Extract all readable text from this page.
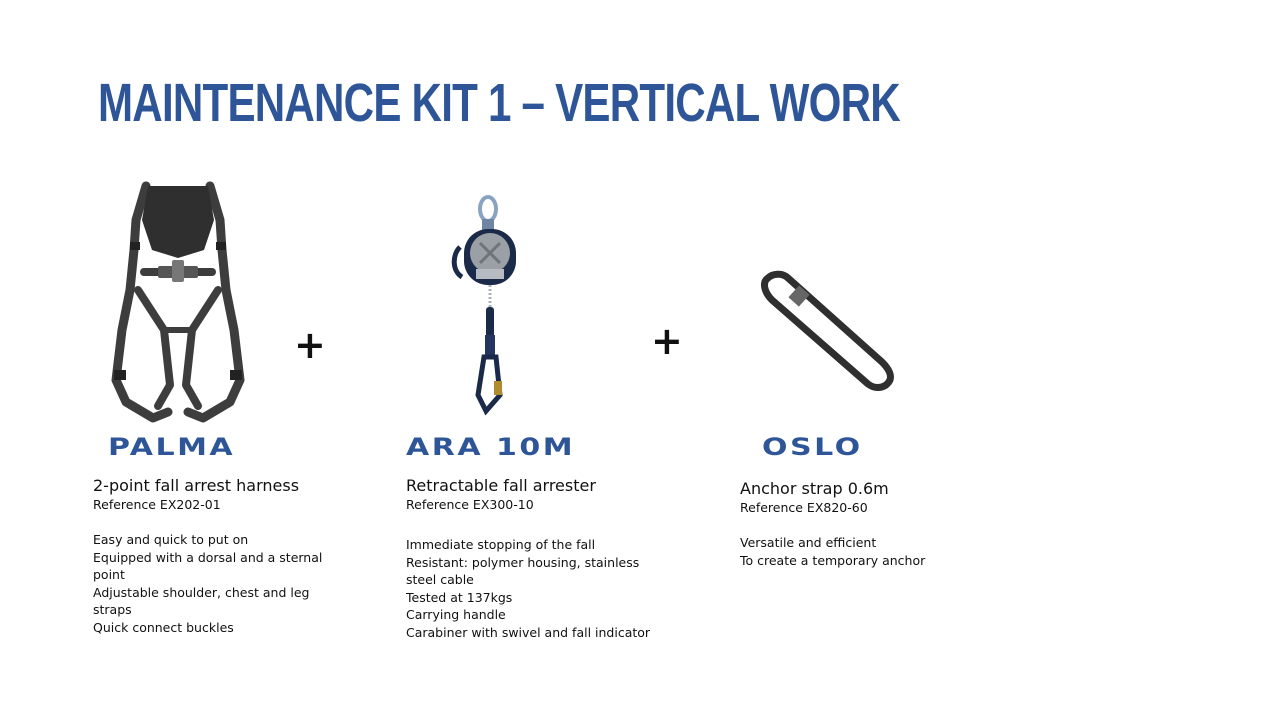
MAINTENANCE KIT 1 – VERTICAL WORK
+	+
PALMA

2-point fall arrest harness

Reference EX202-01

Easy and quick to put on
Equipped with a dorsal and a sternal
point
Adjustable shoulder, chest and leg
straps
Quick connect buckles
ARA 10M

Retractable fall arrester

Reference EX300-10

Immediate stopping of the fall
Resistant: polymer housing, stainless
steel cable
Tested at 137kgs
Carrying handle
Carabiner with swivel and fall indicator
OSLO

Anchor strap 0.6m

Reference EX820-60

Versatile and efficient
To create a temporary anchor
